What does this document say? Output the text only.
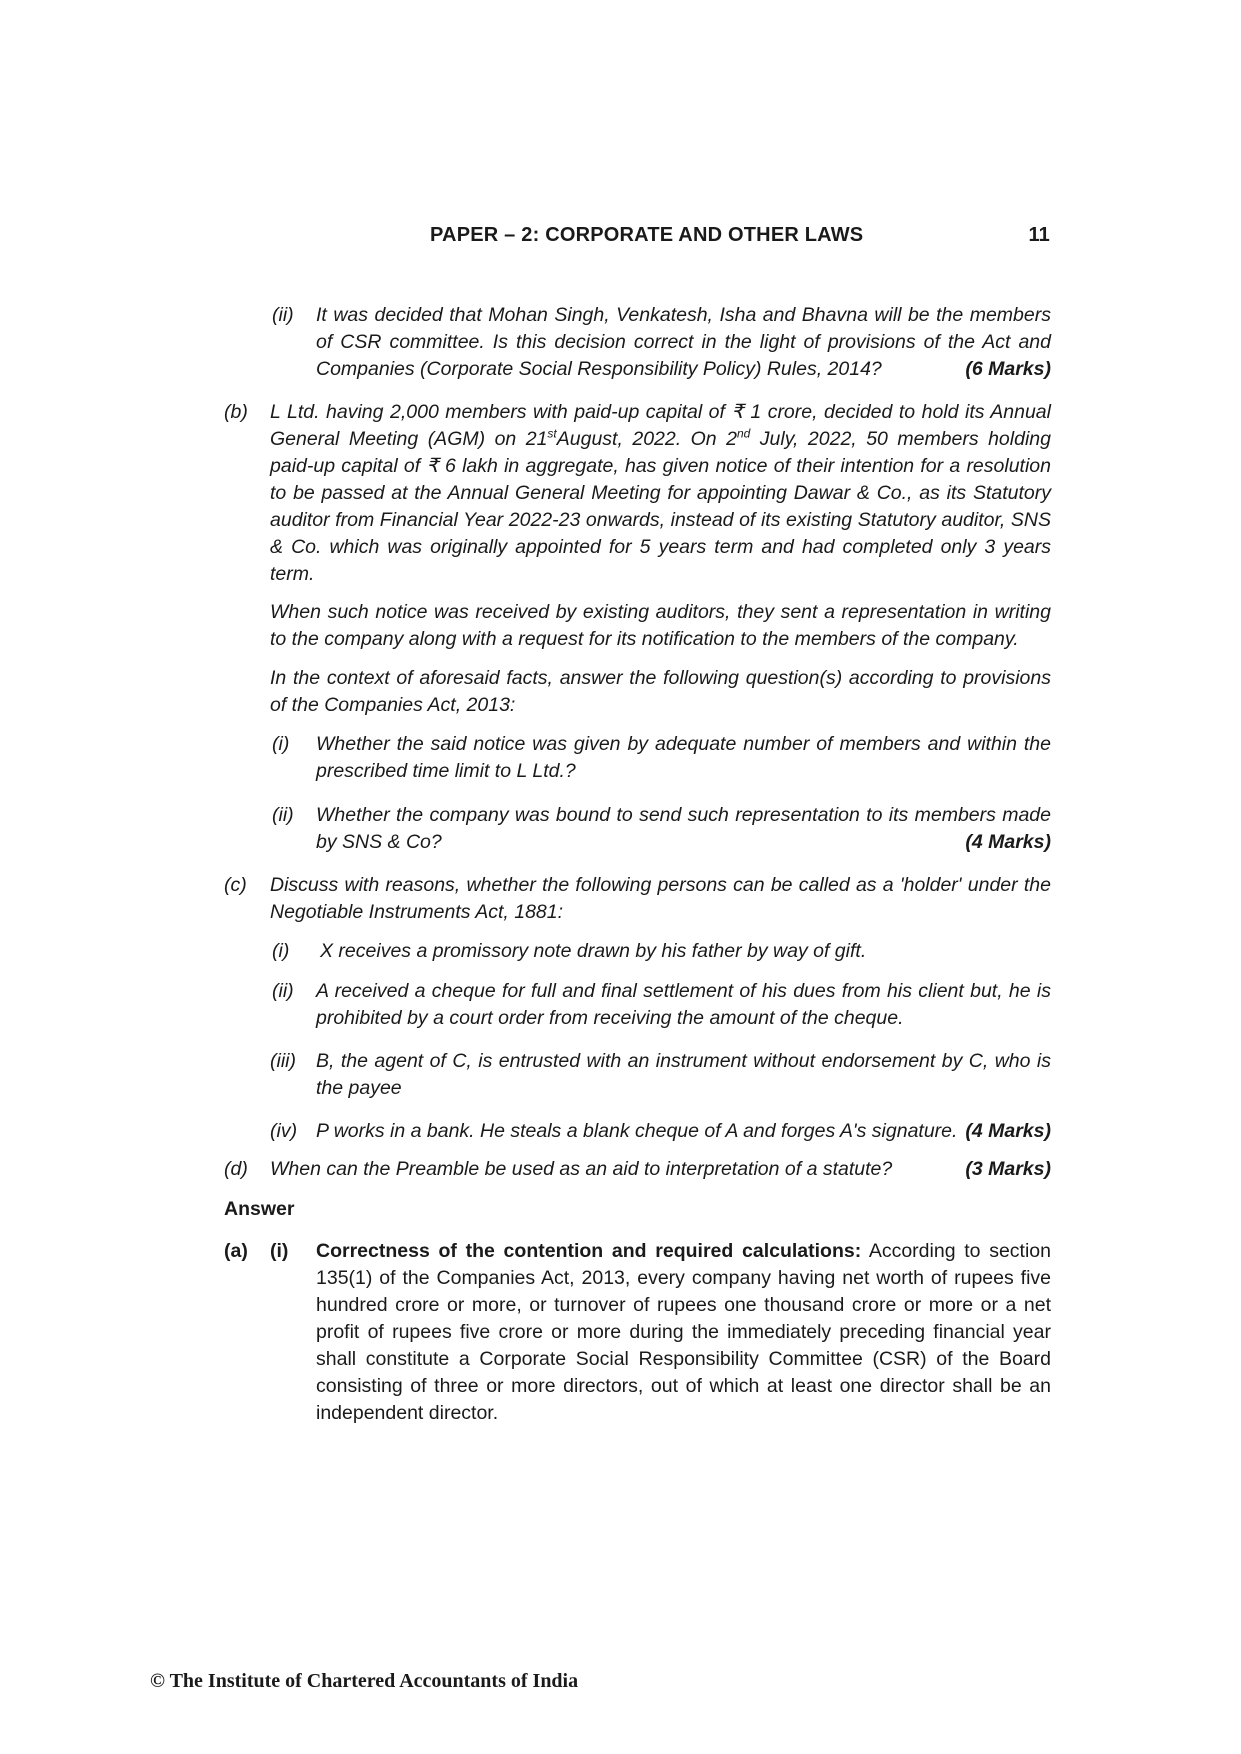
PAPER – 2: CORPORATE AND OTHER LAWS	11
(ii) It was decided that Mohan Singh, Venkatesh, Isha and Bhavna will be the members of CSR committee. Is this decision correct in the light of provisions of the Act and Companies (Corporate Social Responsibility Policy) Rules, 2014?	(6 Marks)
(b) L Ltd. having 2,000 members with paid-up capital of ₹ 1 crore, decided to hold its Annual General Meeting (AGM) on 21stAugust, 2022. On 2nd July, 2022, 50 members holding paid-up capital of ₹ 6 lakh in aggregate, has given notice of their intention for a resolution to be passed at the Annual General Meeting for appointing Dawar & Co., as its Statutory auditor from Financial Year 2022-23 onwards, instead of its existing Statutory auditor, SNS & Co. which was originally appointed for 5 years term and had completed only 3 years term.
When such notice was received by existing auditors, they sent a representation in writing to the company along with a request for its notification to the members of the company.
In the context of aforesaid facts, answer the following question(s) according to provisions of the Companies Act, 2013:
(i) Whether the said notice was given by adequate number of members and within the prescribed time limit to L Ltd.?
(ii) Whether the company was bound to send such representation to its members made by SNS & Co?	(4 Marks)
(c) Discuss with reasons, whether the following persons can be called as a 'holder' under the Negotiable Instruments Act, 1881:
(i) X receives a promissory note drawn by his father by way of gift.
(ii) A received a cheque for full and final settlement of his dues from his client but, he is prohibited by a court order from receiving the amount of the cheque.
(iii) B, the agent of C, is entrusted with an instrument without endorsement by C, who is the payee
(iv) P works in a bank. He steals a blank cheque of A and forges A's signature. (4 Marks)
(d) When can the Preamble be used as an aid to interpretation of a statute?	(3 Marks)
Answer
(a) (i) Correctness of the contention and required calculations: According to section 135(1) of the Companies Act, 2013, every company having net worth of rupees five hundred crore or more, or turnover of rupees one thousand crore or more or a net profit of rupees five crore or more during the immediately preceding financial year shall constitute a Corporate Social Responsibility Committee (CSR) of the Board consisting of three or more directors, out of which at least one director shall be an independent director.
© The Institute of Chartered Accountants of India
